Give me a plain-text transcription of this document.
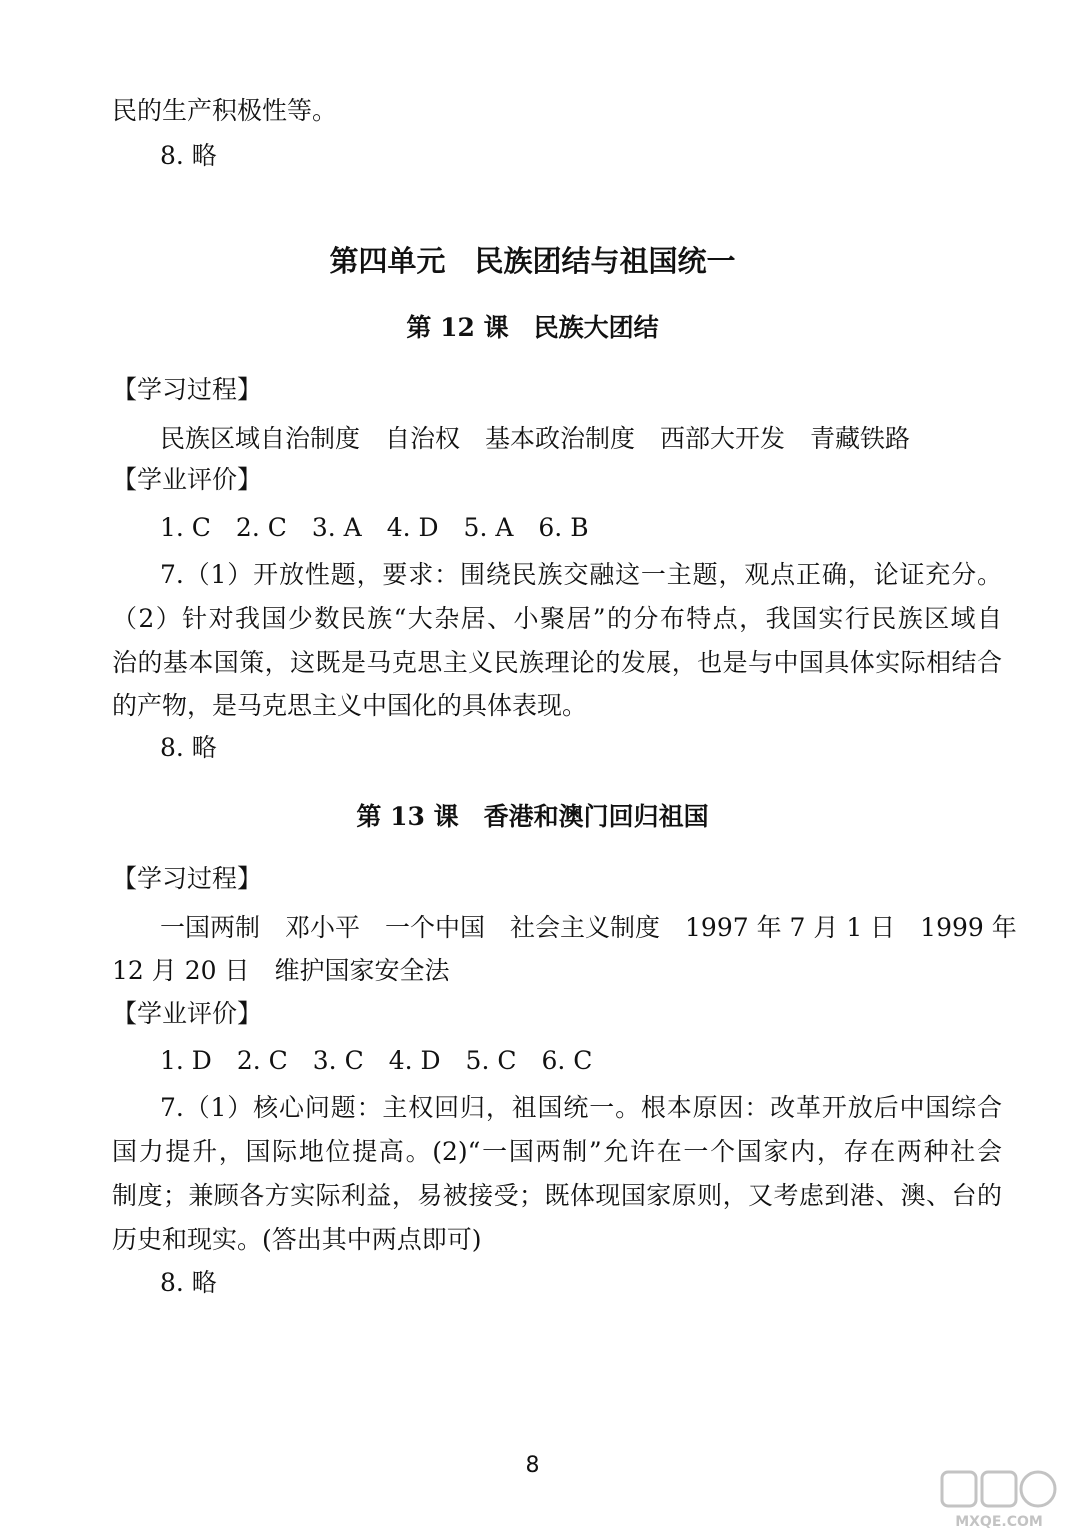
民的生产积极性等。
8. 略
第四单元　民族团结与祖国统一
第 12 课　民族大团结
【学习过程】
民族区域自治制度　自治权　基本政治制度　西部大开发　青藏铁路
【学业评价】
1. C　2. C　3. A　4. D　5. A　6. B
7.（1）开放性题，要求：围绕民族交融这一主题，观点正确，论证充分。
（2）针对我国少数民族“大杂居、小聚居”的分布特点，我国实行民族区域自
治的基本国策，这既是马克思主义民族理论的发展，也是与中国具体实际相结合
的产物，是马克思主义中国化的具体表现。
8. 略
第 13 课　香港和澳门回归祖国
【学习过程】
一国两制　邓小平　一个中国　社会主义制度　1997 年 7 月 1 日　1999 年
12 月 20 日　维护国家安全法
【学业评价】
1. D　2. C　3. C　4. D　5. C　6. C
7.（1）核心问题：主权回归，祖国统一。根本原因：改革开放后中国综合
国力提升，国际地位提高。(2)“一国两制”允许在一个国家内，存在两种社会
制度；兼顾各方实际利益，易被接受；既体现国家原则，又考虑到港、澳、台的
历史和现实。(答出其中两点即可)
8. 略
8
MXQE.COM
